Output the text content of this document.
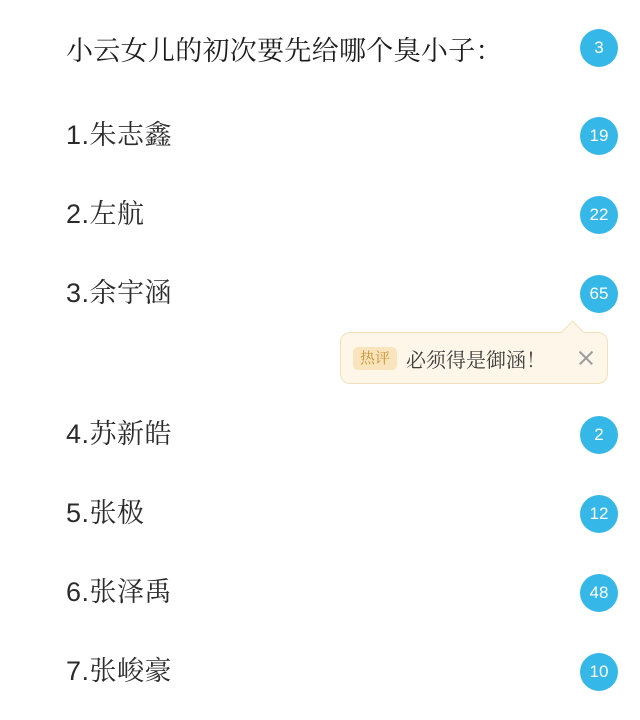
小云女儿的初次要先给哪个臭小子：	3
1.朱志鑫	19
2.左航	22
3.余宇涵	65
4.苏新皓	2
5.张极	12
6.张泽禹	48
7.张峻豪	10
热评 必须得是御涵！
